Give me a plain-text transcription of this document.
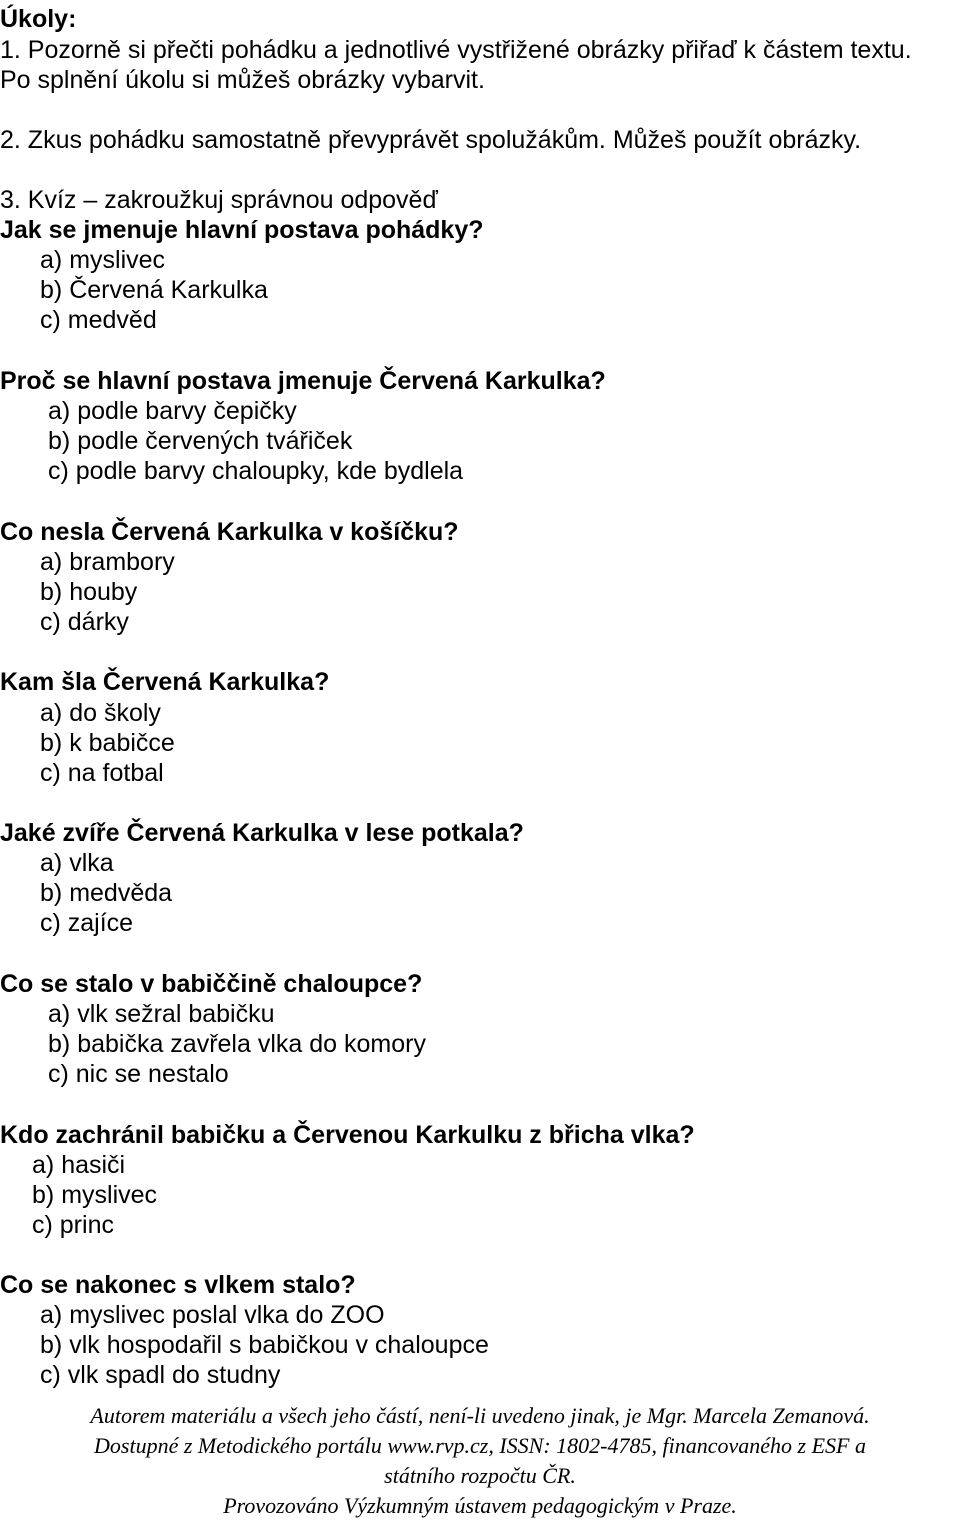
Úkoly:
1. Pozorně si přečti pohádku a jednotlivé vystřižené obrázky přiřaď k částem textu.
Po splnění úkolu si můžeš obrázky vybarvit.
2. Zkus pohádku samostatně převyprávět spolužákům. Můžeš použít obrázky.
3. Kvíz – zakroužkuj správnou odpověď
Jak se jmenuje hlavní postava pohádky?
a) myslivec
b) Červená Karkulka
c) medvěd
Proč se hlavní postava jmenuje Červená Karkulka?
a) podle barvy čepičky
b) podle červených tvářiček
c) podle barvy chaloupky, kde bydlela
Co nesla Červená Karkulka v košíčku?
a) brambory
b) houby
c) dárky
Kam šla Červená Karkulka?
a) do školy
b) k babičce
c) na fotbal
Jaké zvíře Červená Karkulka v lese potkala?
a) vlka
b) medvěda
c) zajíce
Co se stalo v babiččině chaloupce?
a) vlk sežral babičku
b) babička zavřela vlka do komory
c) nic se nestalo
Kdo zachránil babičku a Červenou Karkulku z břicha vlka?
a) hasiči
b) myslivec
c) princ
Co se nakonec s vlkem stalo?
a) myslivec poslal vlka do ZOO
b) vlk hospodařil s babičkou v chaloupce
c) vlk spadl do studny
Autorem materiálu a všech jeho částí, není-li uvedeno jinak, je Mgr. Marcela Zemanová.
Dostupné z Metodického portálu www.rvp.cz, ISSN: 1802-4785, financovaného z ESF a
státního rozpočtu ČR.
Provozováno Výzkumným ústavem pedagogickým v Praze.
